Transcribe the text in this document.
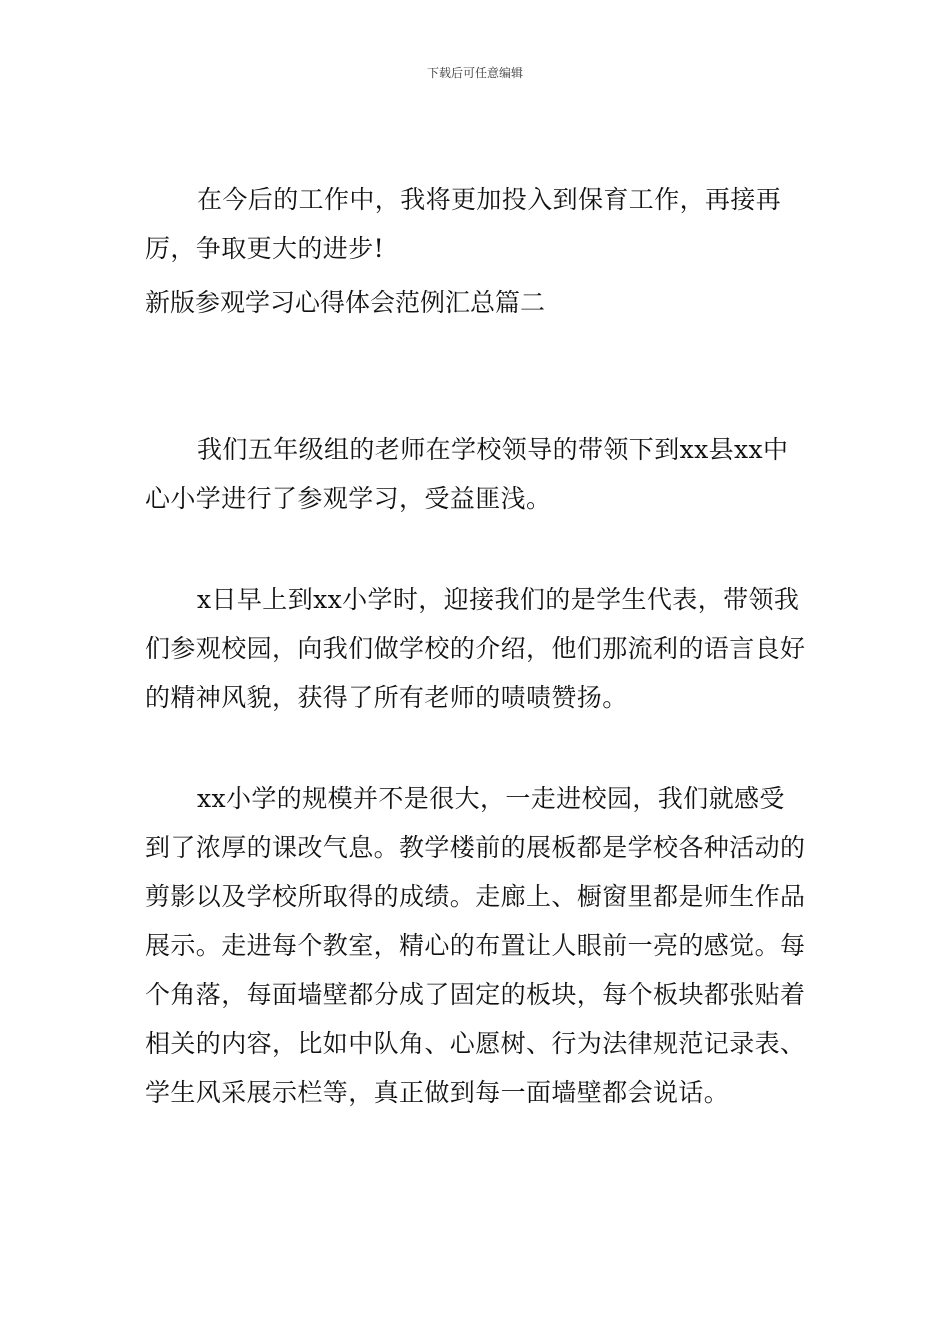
下载后可任意编辑

在今后的工作中，我将更加投入到保育工作，再接再厉，争取更大的进步!

新版参观学习心得体会范例汇总篇二

我们五年级组的老师在学校领导的带领下到xx县xx中心小学进行了参观学习，受益匪浅。

x日早上到xx小学时，迎接我们的是学生代表，带领我们参观校园，向我们做学校的介绍，他们那流利的语言良好的精神风貌，获得了所有老师的啧啧赞扬。

xx小学的规模并不是很大，一走进校园，我们就感受到了浓厚的课改气息。教学楼前的展板都是学校各种活动的剪影以及学校所取得的成绩。走廊上、橱窗里都是师生作品展示。走进每个教室，精心的布置让人眼前一亮的感觉。每个角落，每面墙壁都分成了固定的板块，每个板块都张贴着相关的内容，比如中队角、心愿树、行为法律规范记录表、学生风采展示栏等，真正做到每一面墙壁都会说话。
